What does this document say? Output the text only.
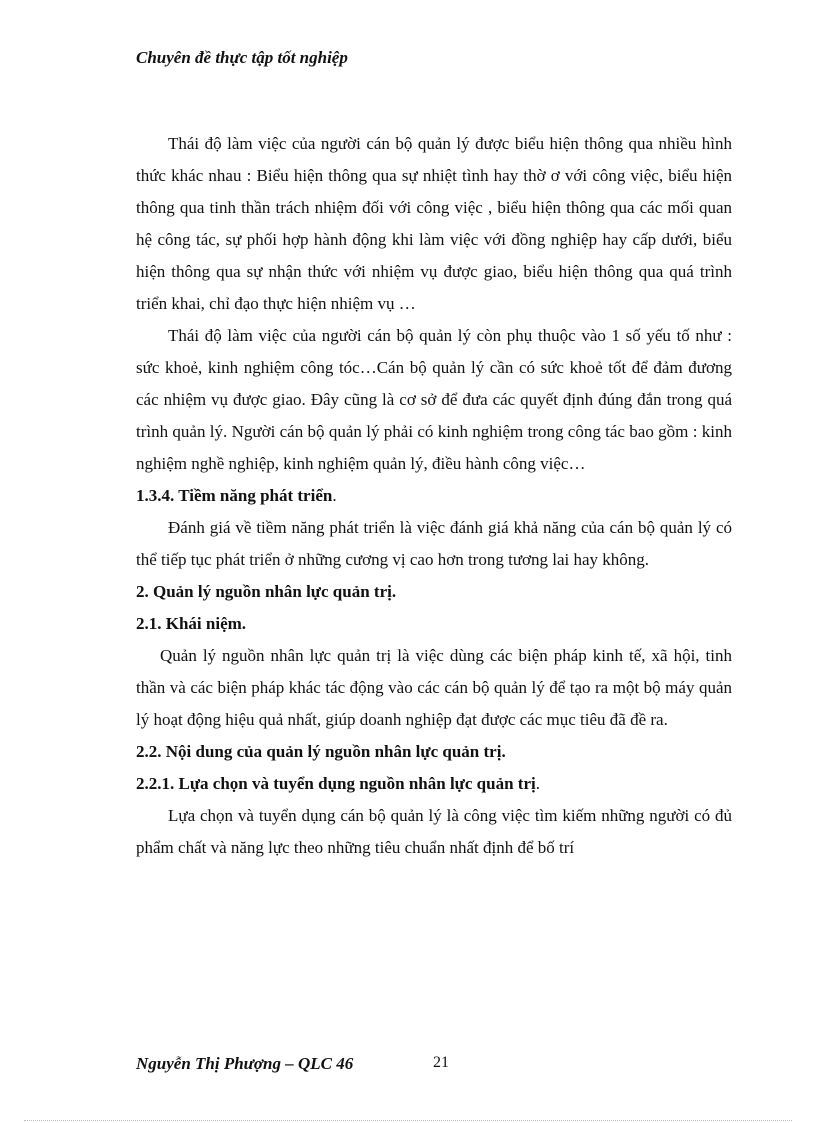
Chuyên đề thực tập tốt nghiệp

Thái độ làm việc của người cán bộ quản lý được biểu hiện thông qua nhiều hình thức khác nhau : Biểu hiện thông qua sự nhiệt tình hay thờ ơ với công việc, biểu hiện thông qua tinh thần trách nhiệm đối với công việc , biểu hiện thông qua các mối quan hệ công tác, sự phối hợp hành động khi làm việc với đồng nghiệp hay cấp dưới, biểu hiện thông qua sự nhận thức với nhiệm vụ được giao, biểu hiện thông qua quá trình triển khai, chỉ đạo thực hiện nhiệm vụ …

Thái độ làm việc của người cán bộ quản lý còn phụ thuộc vào 1 số yếu tố như : sức khoẻ, kinh nghiệm công tóc…Cán bộ quản lý cần có sức khoẻ tốt để đảm đương các nhiệm vụ được giao. Đây cũng là cơ sở để đưa các quyết định đúng đắn trong quá trình quản lý. Người cán bộ quản lý phải có kinh nghiệm trong công tác bao gồm : kinh nghiệm nghề nghiệp, kinh nghiệm quản lý, điều hành công việc…

1.3.4. Tiềm năng phát triển.

Đánh giá về tiềm năng phát triển là việc đánh giá khả năng của cán bộ quản lý có thể tiếp tục phát triển ở những cương vị cao hơn trong tương lai hay không.

2. Quản lý nguồn nhân lực quản trị.

2.1. Khái niệm.

Quản lý nguồn nhân lực quản trị là việc dùng các biện pháp kinh tế, xã hội, tinh thần và các biện pháp khác tác động vào các cán bộ quản lý để tạo ra một bộ máy quản lý hoạt động hiệu quả nhất, giúp doanh nghiệp đạt được các mục tiêu đã đề ra.

2.2. Nội dung của quản lý nguồn nhân lực quản trị.

2.2.1. Lựa chọn và tuyển dụng nguồn nhân lực quản trị.

Lựa chọn và tuyển dụng cán bộ quản lý là công việc tìm kiếm những người có đủ phẩm chất và năng lực theo những tiêu chuẩn nhất định để bố trí

Nguyễn Thị Phượng – QLC 46	21
